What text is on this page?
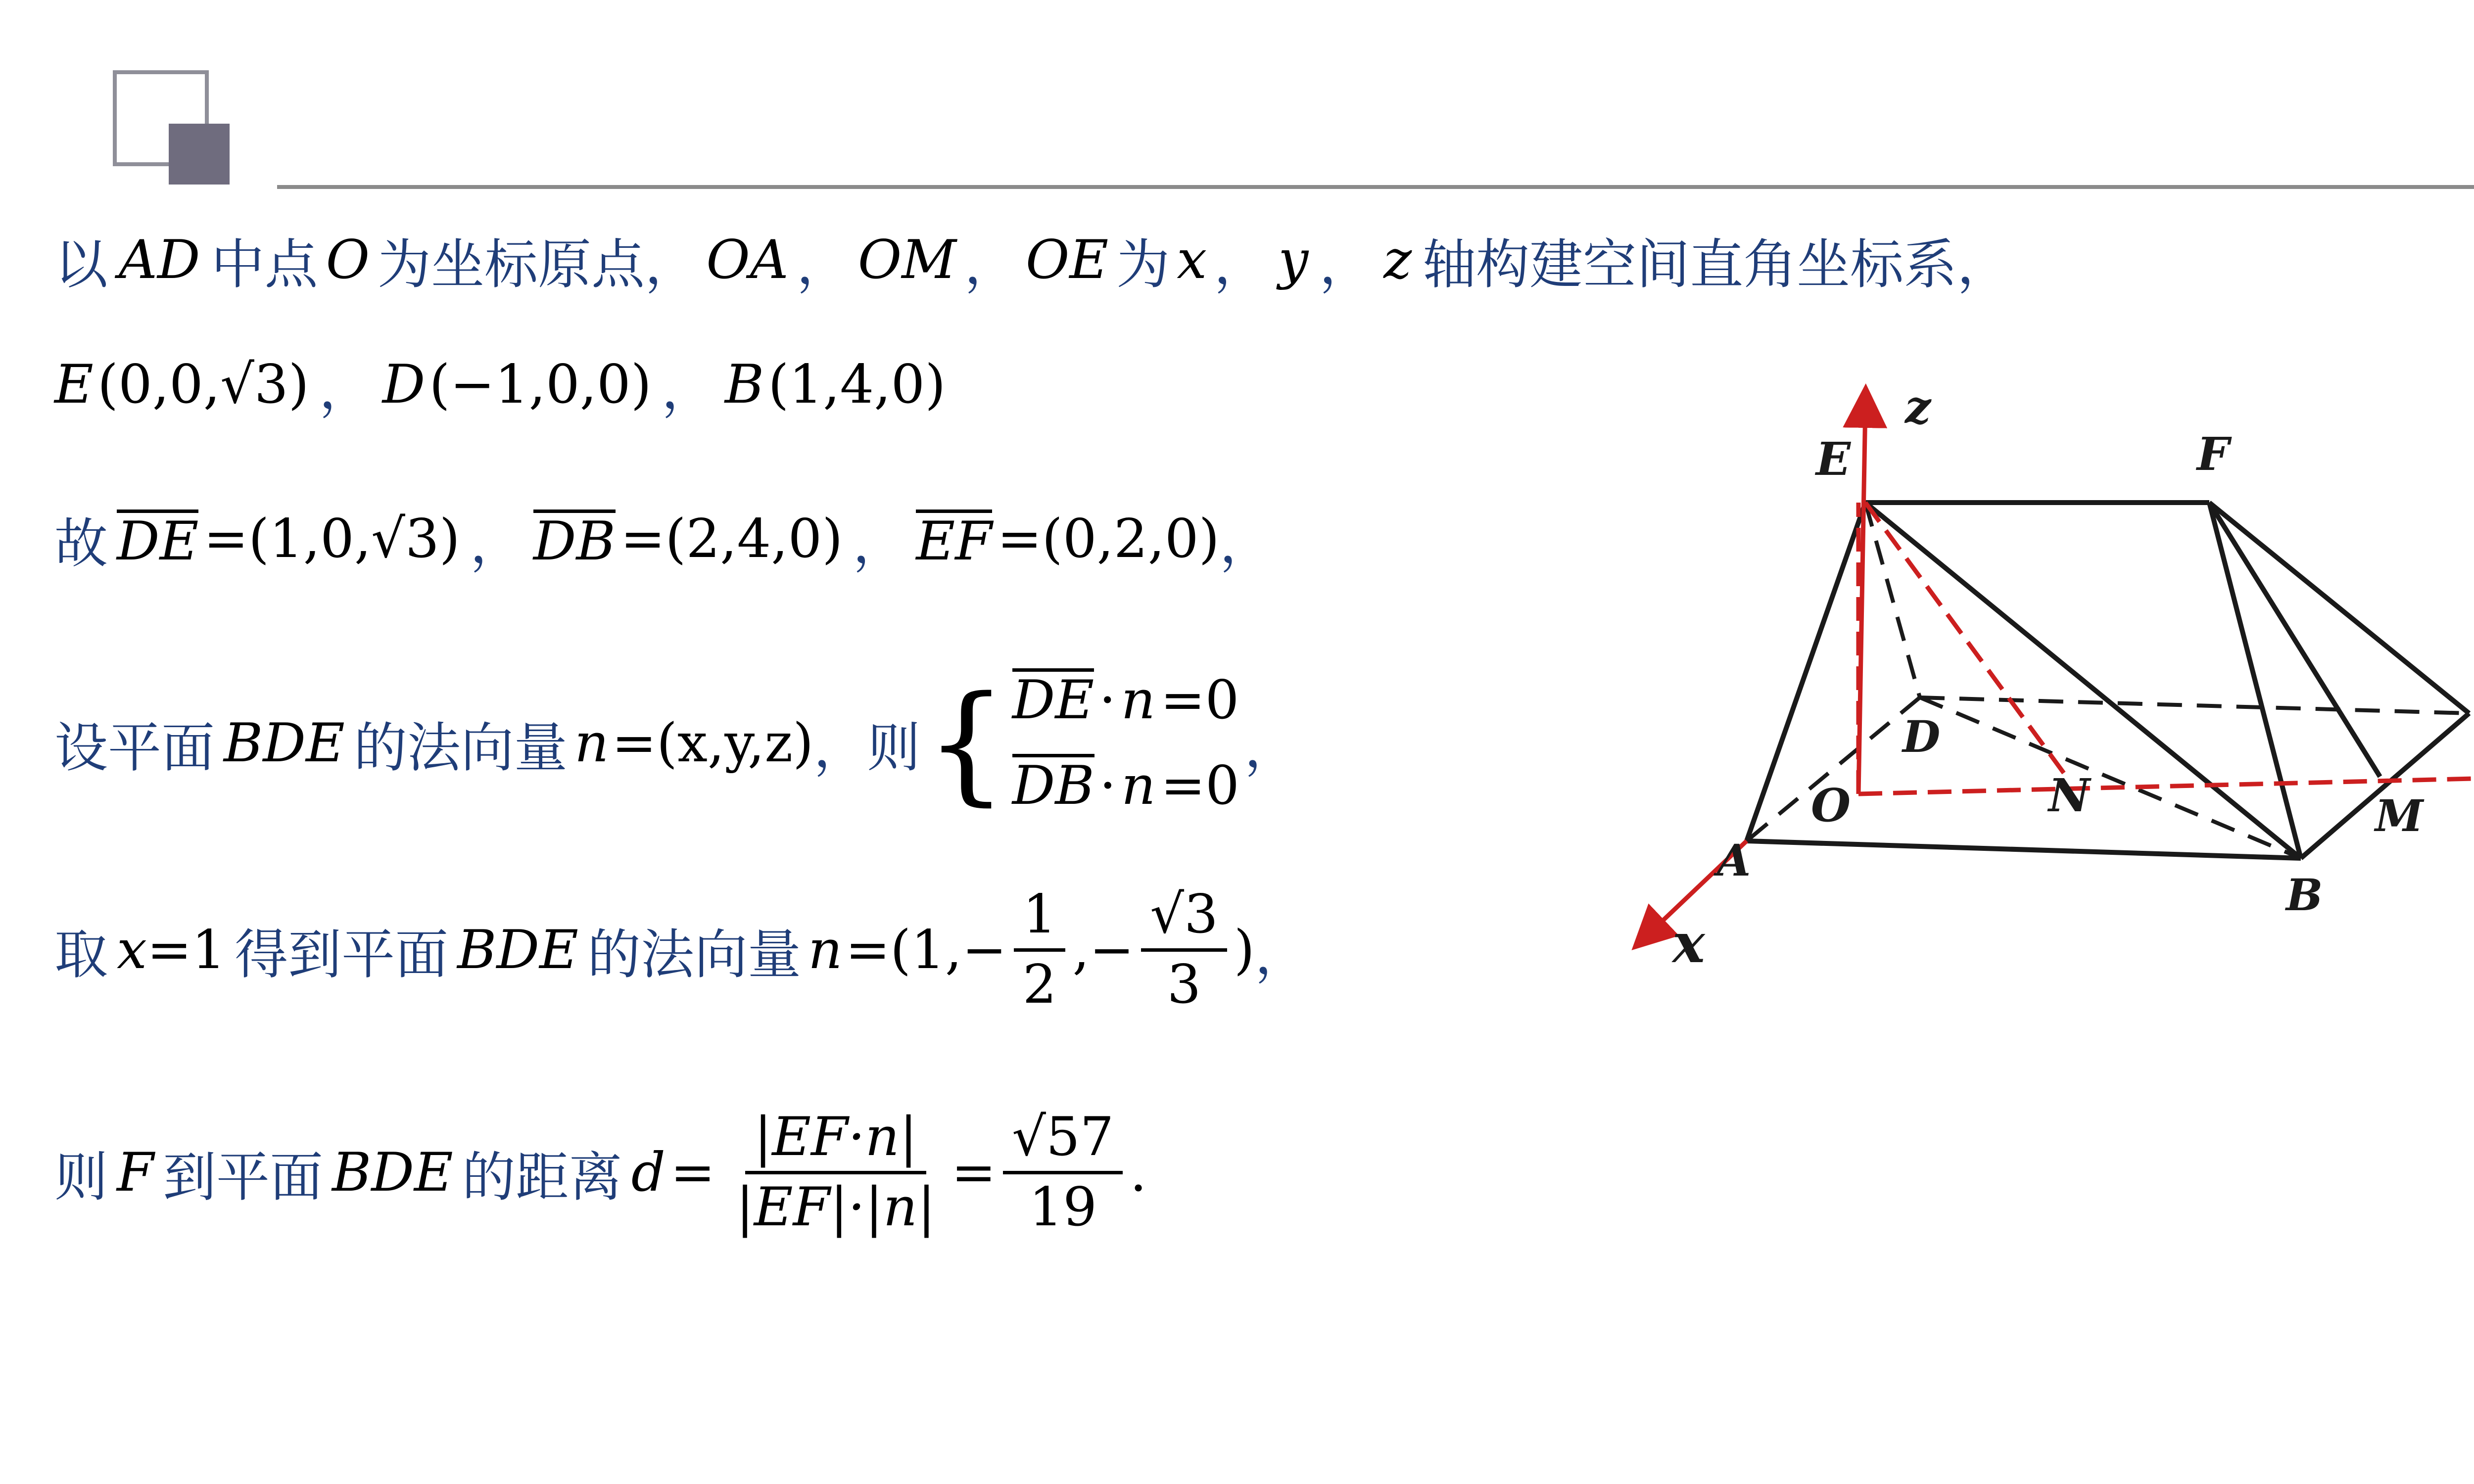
以 AD 中点 O 为坐标原点， OA ， OM ， OE 为 x ， y ， z 轴构建空间直角坐标系，
E (0,0,√3) ， D (−1,0,0) ， B (1,4,0)
故 DE =(1,0,√3) ， DB =(2,4,0) ， EF =(0,2,0) ，
设平面 BDE 的法向量 n =(x,y,z) ，则 { DE·n=0
DB·n=0
，
取 x =1 得到平面 BDE 的法向量 $n =(1,- \frac{1}{2}$ ,− $\frac{√3}{3}$ ) ，
则 F 到平面 BDE 的距离 $d = \frac{|EF\cdot n|}{|EF|\cdot|n|} = \frac{√57}{19}$ .
z
E	F
D
O	N	M
A
B
x
